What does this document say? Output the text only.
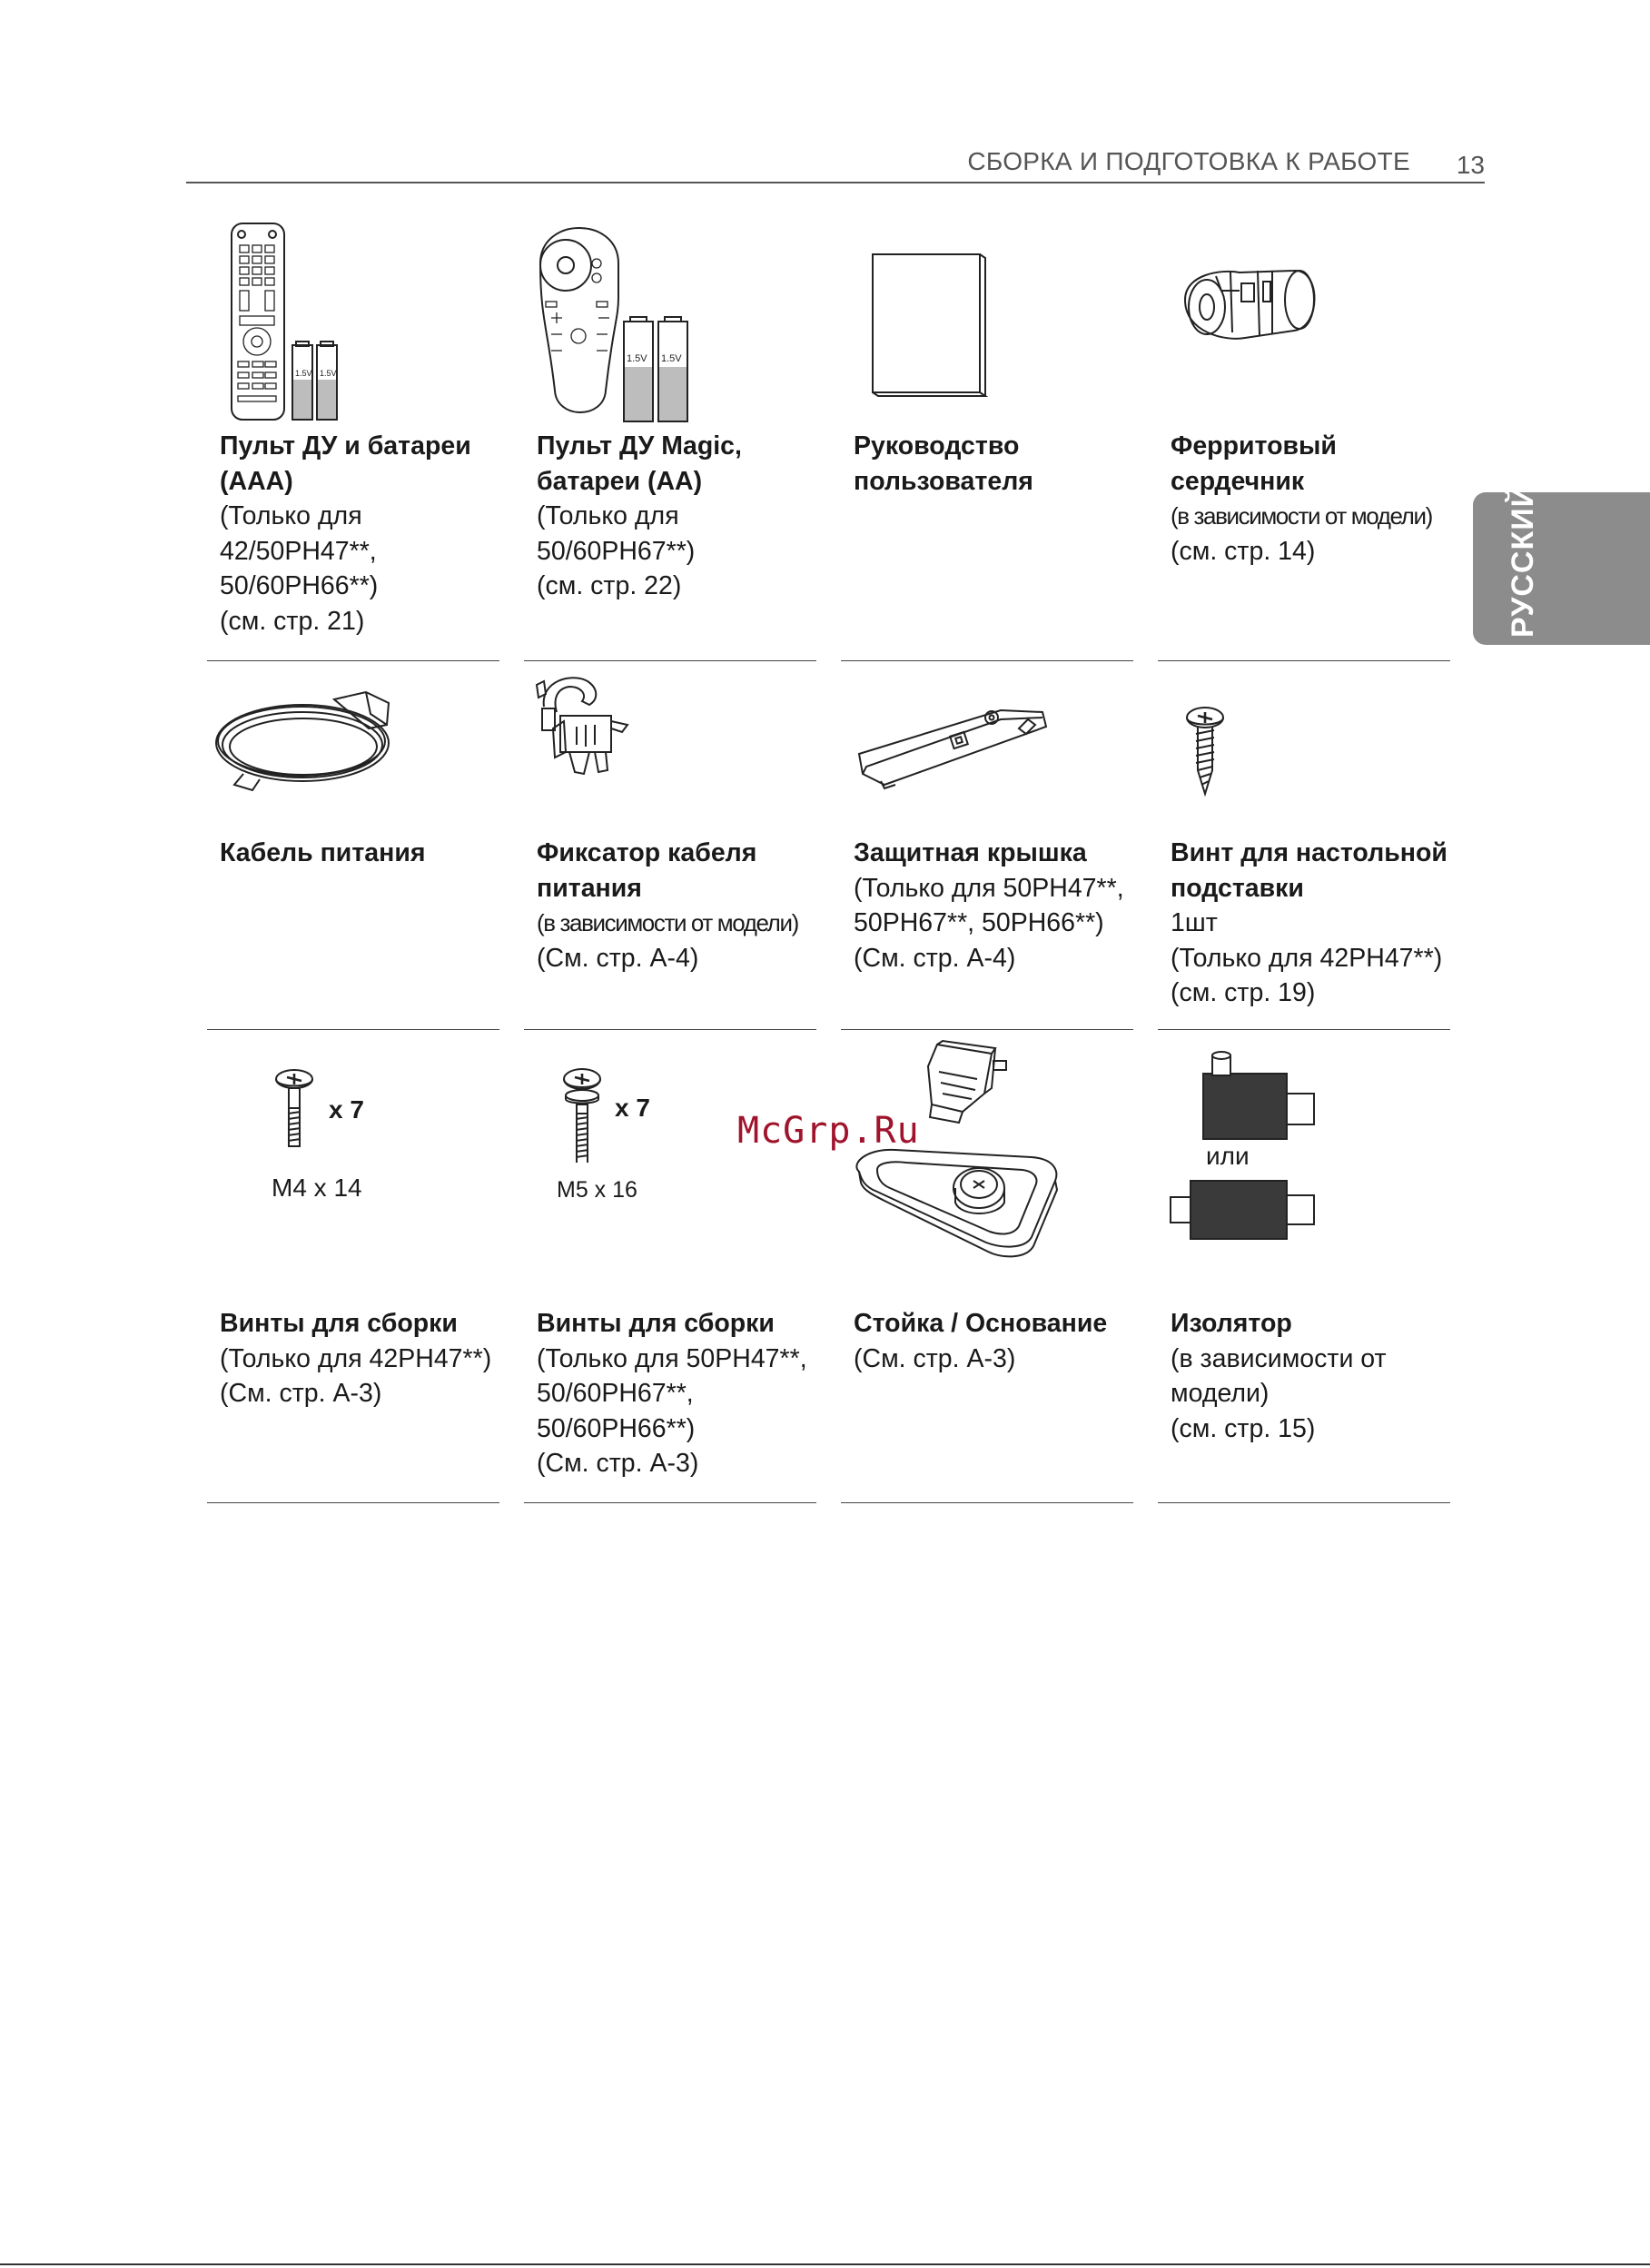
СБОРКА И ПОДГОТОВКА К РАБОТЕ 13
РУССКИЙ
1.5V 1.5V
Пульт ДУ и батареи
(AAA)
(Только для
42/50PH47**,
50/60PH66**)
(см. стр. 21)
1.5V 1.5V
Пульт ДУ Magic,
батареи (AA)
(Только для
50/60PH67**)
(см. стр. 22)
Руководство
пользователя
Ферритовый
сердечник
(в зависимости от модели)
(см. стр. 14)
Кабель питания	Фиксатор кабеля
питания
(в зависимости от модели)
(См. стр. A-4)
Защитная крышка
(Только для 50PH47**,
50PH67**, 50PH66**)
(См. стр. A-4)
Винт для настольной
подставки
1шт
(Только для 42PH47**)
(см. стр. 19)
x 7
M4 x 14
Винты для сборки
(Только для 42PH47**)
(См. стр. A-3)
x 7
M5 x 16
Винты для сборки
(Только для 50PH47**,
50/60PH67**,
50/60PH66**)
(См. стр. A-3)
Стойка / Основание
(См. стр. A-3)
или
Изолятор
(в зависимости от
модели)
(см. стр. 15)
McGrp.Ru
